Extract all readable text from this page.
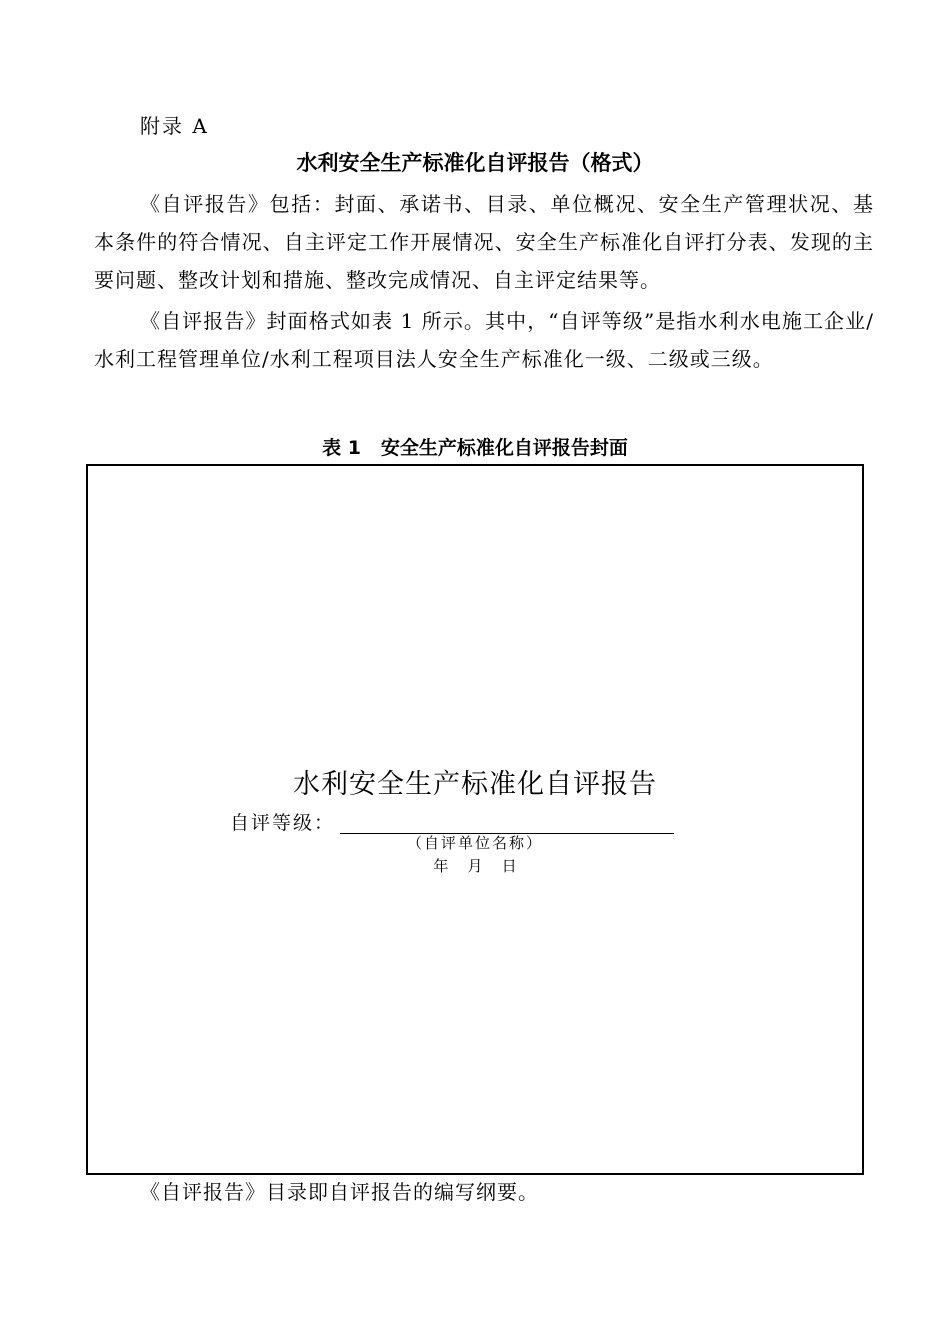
附录 A
水利安全生产标准化自评报告（格式）
《自评报告》包括：封面、承诺书、目录、单位概况、安全生产管理状况、基本条件的符合情况、自主评定工作开展情况、安全生产标准化自评打分表、发现的主要问题、整改计划和措施、整改完成情况、自主评定结果等。
《自评报告》封面格式如表 1 所示。其中，“自评等级”是指水利水电施工企业/水利工程管理单位/水利工程项目法人安全生产标准化一级、二级或三级。
表 1   安全生产标准化自评报告封面
水利安全生产标准化自评报告
自评等级：
（自评单位名称）
年    月    日
《自评报告》目录即自评报告的编写纲要。
